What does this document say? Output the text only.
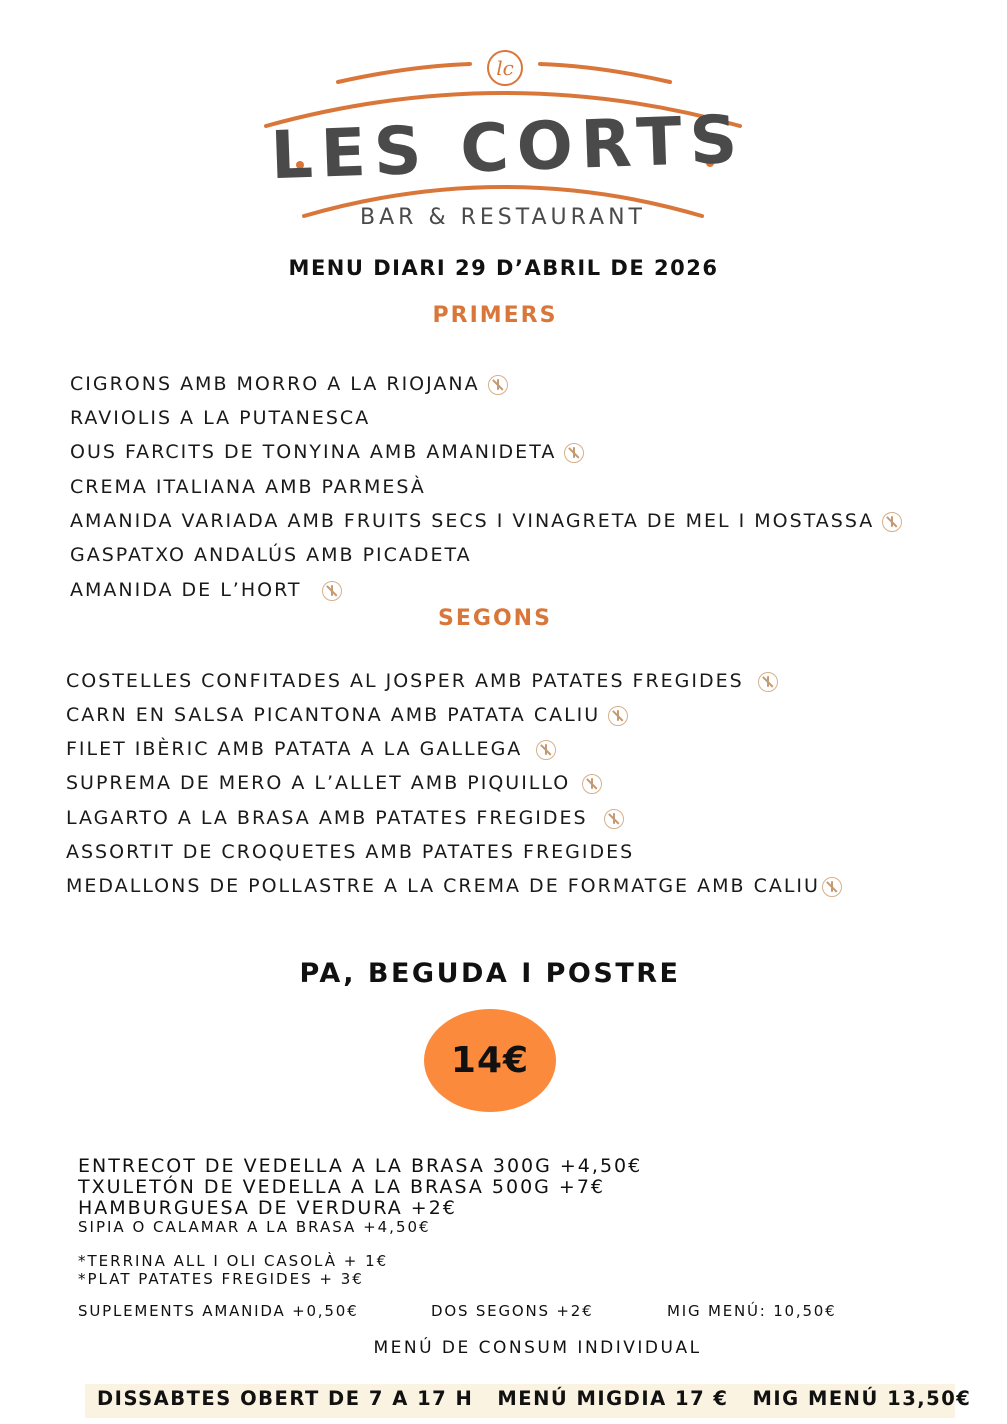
lc
LES CORTS
BAR & RESTAURANT
MENU DIARI 29 D’ABRIL DE 2026
PRIMERS
CIGRONS AMB MORRO A LA RIOJANA
RAVIOLIS A LA PUTANESCA
OUS FARCITS DE TONYINA AMB AMANIDETA
CREMA ITALIANA AMB PARMESÀ
AMANIDA VARIADA AMB FRUITS SECS I VINAGRETA DE MEL I MOSTASSA
GASPATXO ANDALÚS AMB PICADETA
AMANIDA DE L’HORT
SEGONS
COSTELLES CONFITADES AL JOSPER AMB PATATES FREGIDES
CARN EN SALSA PICANTONA AMB PATATA CALIU
FILET IBÈRIC AMB PATATA A LA GALLEGA
SUPREMA DE MERO A L’ALLET AMB PIQUILLO
LAGARTO A LA BRASA AMB PATATES FREGIDES
ASSORTIT DE CROQUETES AMB PATATES FREGIDES
MEDALLONS DE POLLASTRE A LA CREMA DE FORMATGE AMB CALIU
PA, BEGUDA I POSTRE
14€
ENTRECOT DE VEDELLA A LA BRASA 300G +4,50€
TXULETÓN DE VEDELLA A LA BRASA 500G +7€
HAMBURGUESA DE VERDURA +2€
SIPIA O CALAMAR A LA BRASA +4,50€
*TERRINA ALL I OLI CASOLÀ + 1€
*PLAT PATATES FREGIDES + 3€
SUPLEMENTS AMANIDA +0,50€	DOS SEGONS +2€	MIG MENÚ: 10,50€
MENÚ DE CONSUM INDIVIDUAL
DISSABTES OBERT DE 7 A 17 H MENÚ MIGDIA 17 € MIG MENÚ 13,50€
